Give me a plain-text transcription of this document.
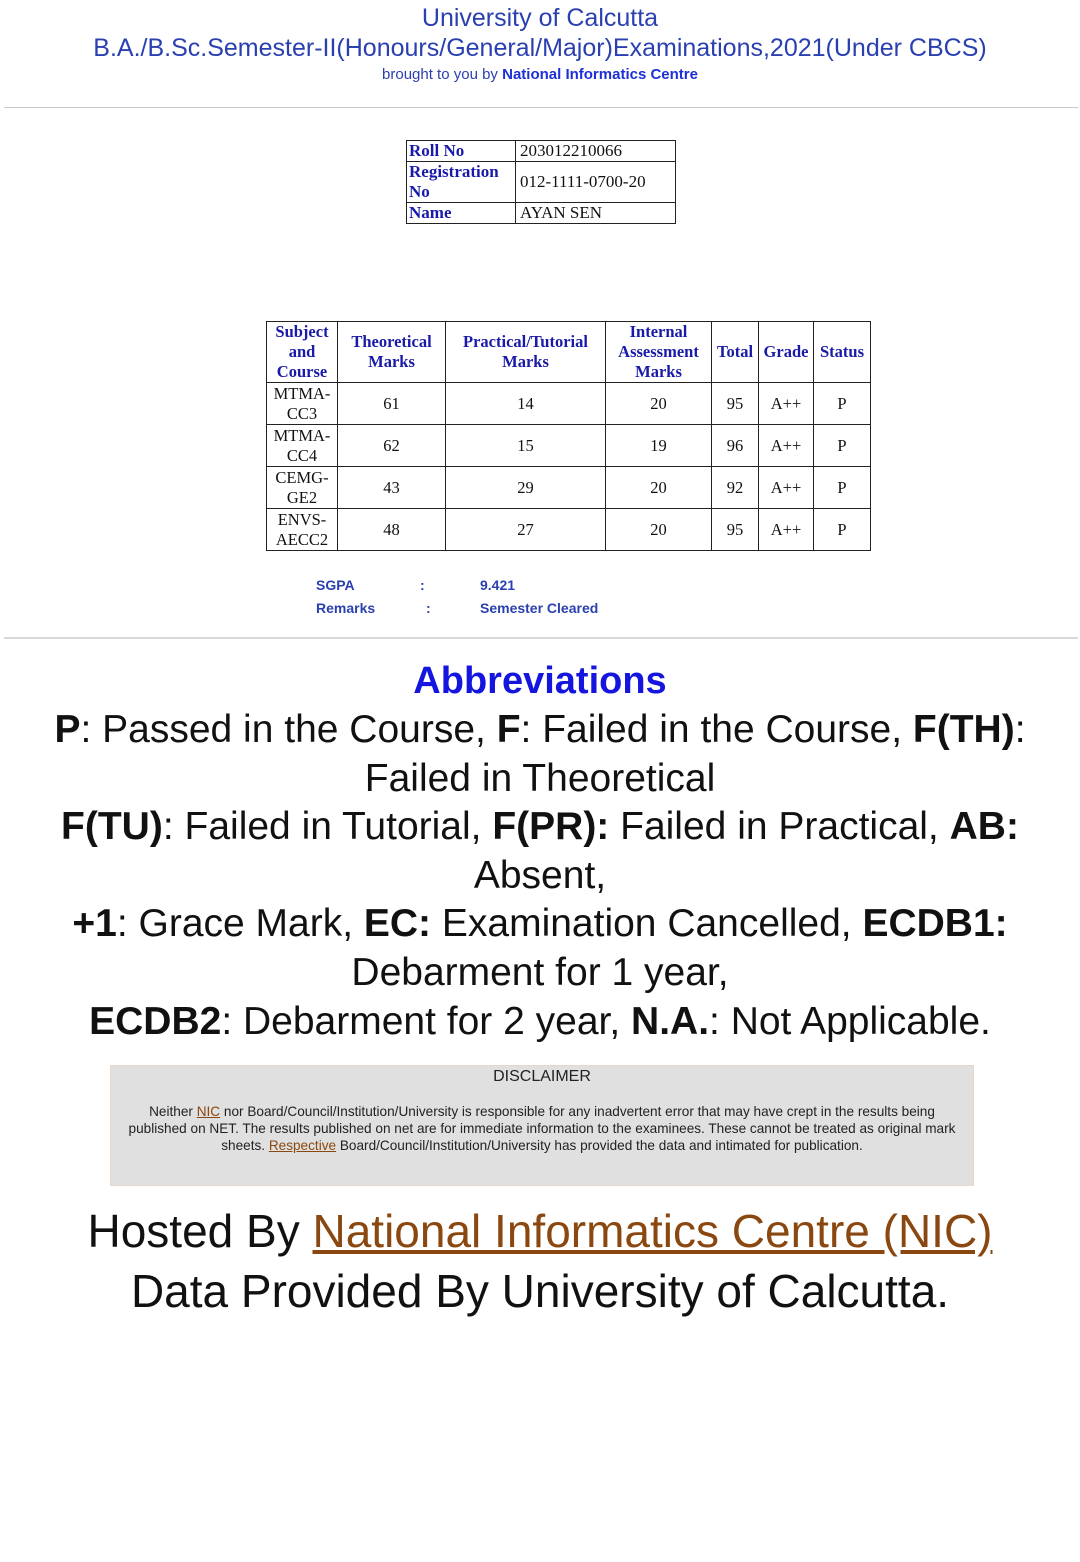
University of Calcutta
B.A./B.Sc.Semester-II(Honours/General/Major)Examinations,2021(Under CBCS)
brought to you by National Informatics Centre
Roll No	203012210066
Registration No	012-1111-0700-20
Name	AYAN SEN
Subject and Course	Theoretical Marks	Practical/Tutorial Marks	Internal Assessment Marks	Total	Grade	Status
MTMA-CC3	61	14	20	95	A++	P
MTMA-CC4	62	15	19	96	A++	P
CEMG-GE2	43	29	20	92	A++	P
ENVS-AECC2	48	27	20	95	A++	P
SGPA	:	9.421
Remarks	:	Semester Cleared
Abbreviations
P: Passed in the Course, F: Failed in the Course, F(TH): Failed in Theoretical
F(TU): Failed in Tutorial, F(PR): Failed in Practical, AB: Absent,
+1: Grace Mark, EC: Examination Cancelled, ECDB1: Debarment for 1 year,
ECDB2: Debarment for 2 year, N.A.: Not Applicable.
DISCLAIMER
Neither NIC nor Board/Council/Institution/University is responsible for any inadvertent error that may have crept in the results being published on NET. The results published on net are for immediate information to the examinees. These cannot be treated as original mark sheets. Respective Board/Council/Institution/University has provided the data and intimated for publication.
Hosted By National Informatics Centre (NIC)
Data Provided By University of Calcutta.
